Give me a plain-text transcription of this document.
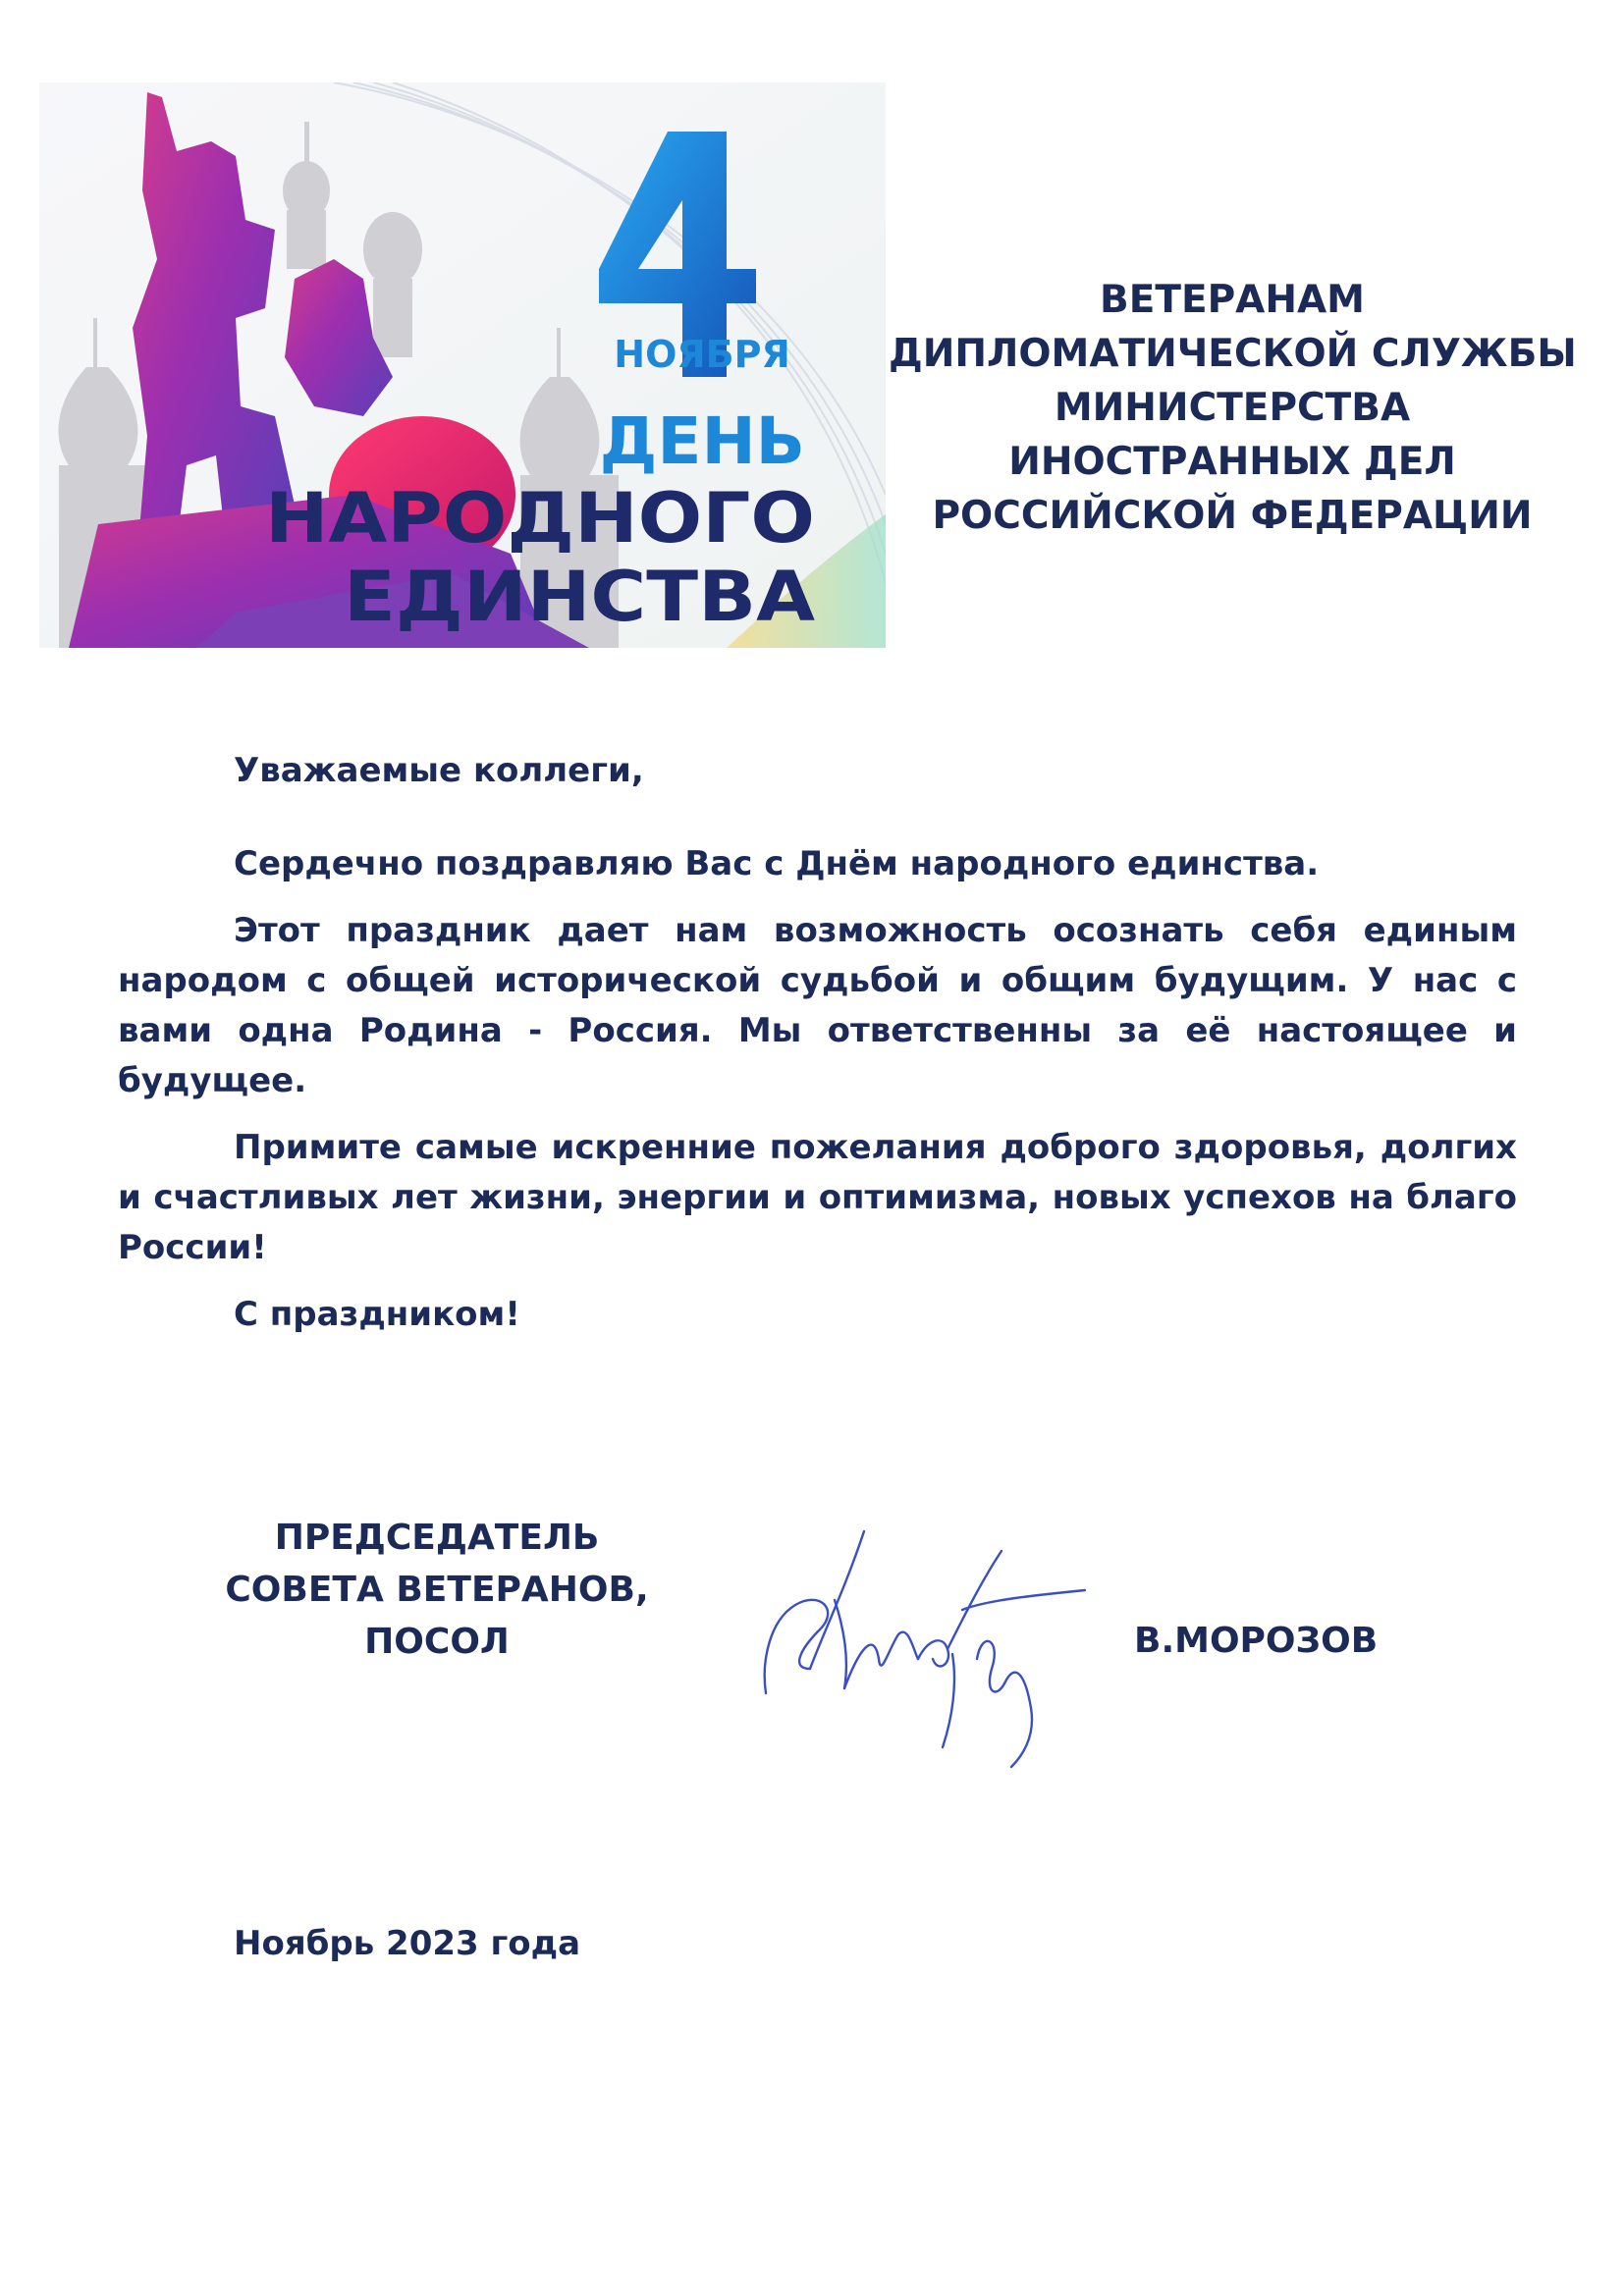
НОЯБРЯ
ДЕНЬ
НАРОДНОГО
ЕДИНСТВА
ВЕТЕРАНАМ
ДИПЛОМАТИЧЕСКОЙ СЛУЖБЫ
МИНИСТЕРСТВА
ИНОСТРАННЫХ ДЕЛ
РОССИЙСКОЙ ФЕДЕРАЦИИ

Уважаемые коллеги,

Сердечно поздравляю Вас с Днём народного единства.

Этот праздник дает нам возможность осознать себя единым народом с общей исторической судьбой и общим будущим. У нас с вами одна Родина - Россия. Мы ответственны за её настоящее и будущее.

Примите самые искренние пожелания доброго здоровья, долгих и счастливых лет жизни, энергии и оптимизма, новых успехов на благо России!

С праздником!

ПРЕДСЕДАТЕЛЬ
СОВЕТА ВЕТЕРАНОВ,
ПОСОЛ	В.МОРОЗОВ
Ноябрь 2023 года
